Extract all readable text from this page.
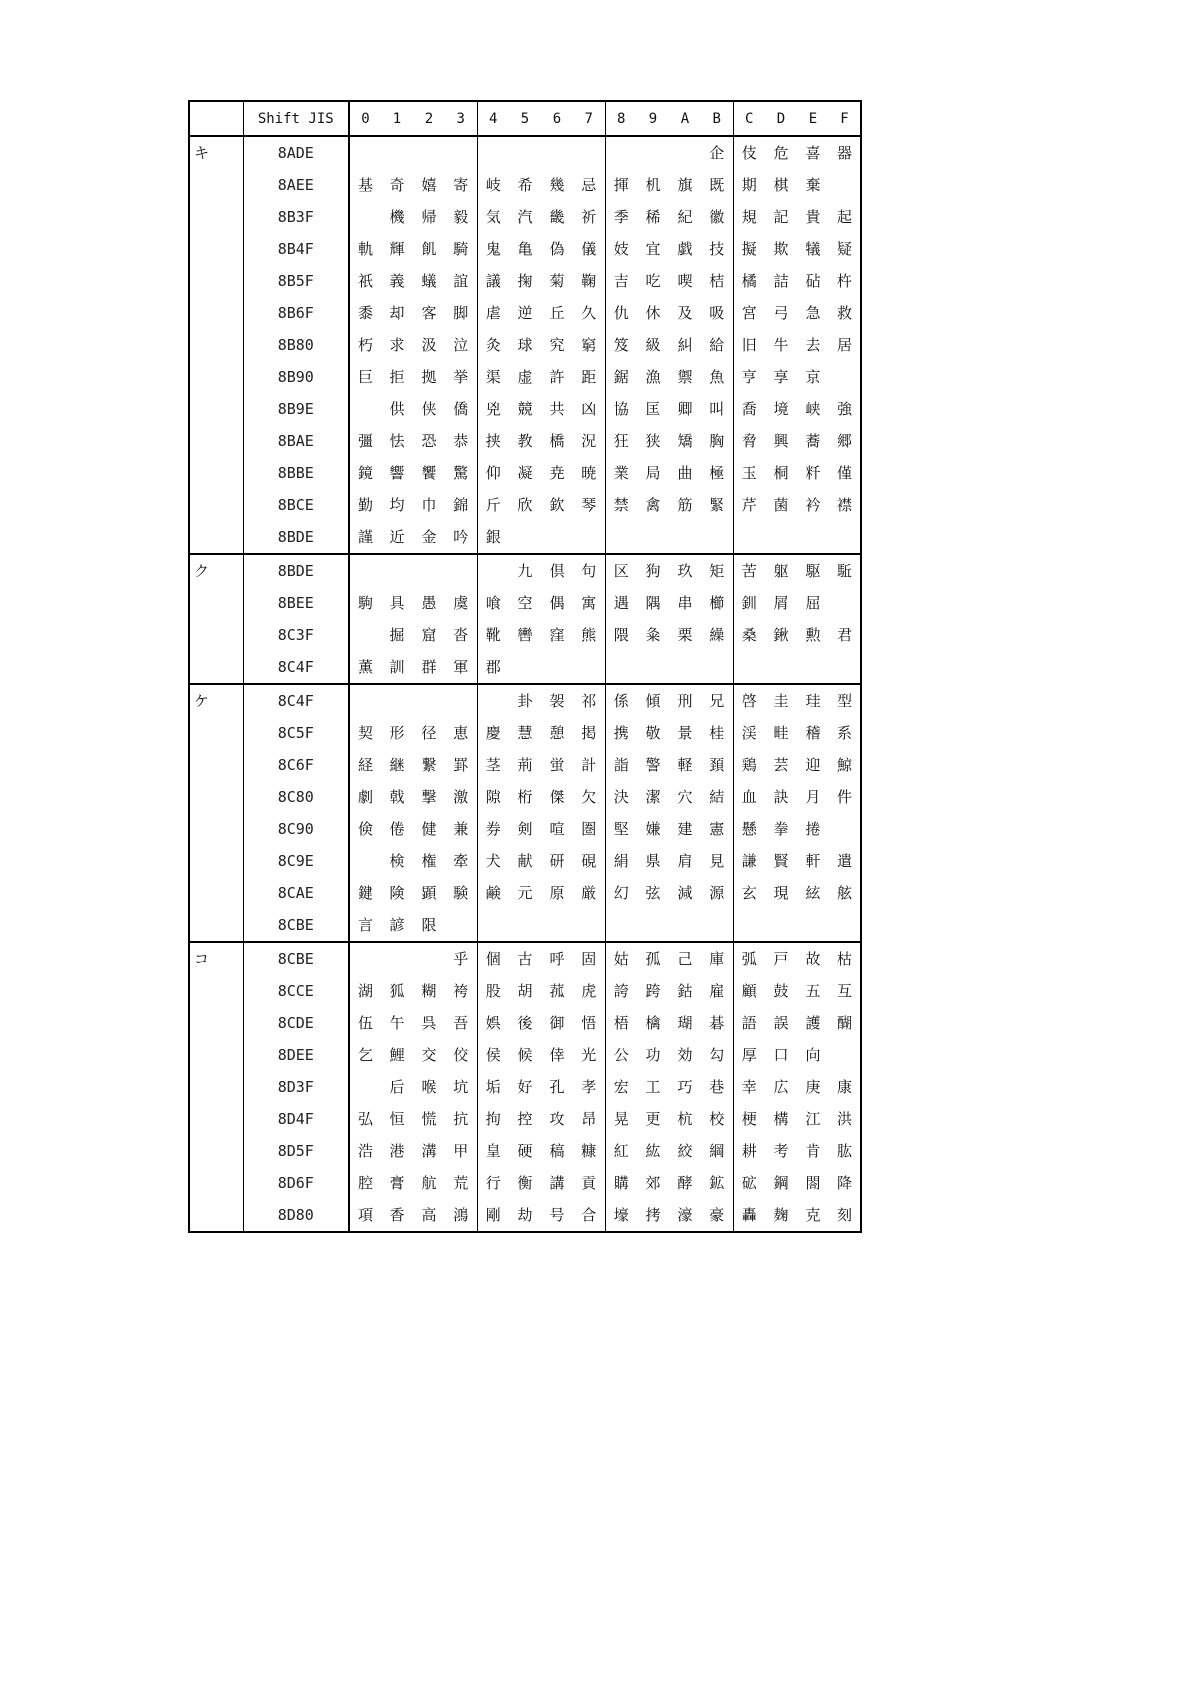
	Shift JIS	0	1	2	3	4	5	6	7	8	9	A	B	C	D	E	F
キ	8ADE												企	伎	危	喜	器
	8AEE	基	奇	嬉	寄	岐	希	幾	忌	揮	机	旗	既	期	棋	棄	
	8B3F		機	帰	毅	気	汽	畿	祈	季	稀	紀	徽	規	記	貴	起
	8B4F	軌	輝	飢	騎	鬼	亀	偽	儀	妓	宜	戯	技	擬	欺	犠	疑
	8B5F	祇	義	蟻	誼	議	掬	菊	鞠	吉	吃	喫	桔	橘	詰	砧	杵
	8B6F	黍	却	客	脚	虐	逆	丘	久	仇	休	及	吸	宮	弓	急	救
	8B80	朽	求	汲	泣	灸	球	究	窮	笈	級	糾	給	旧	牛	去	居
	8B90	巨	拒	拠	挙	渠	虚	許	距	鋸	漁	禦	魚	亨	享	京	
	8B9E		供	侠	僑	兇	競	共	凶	協	匡	卿	叫	喬	境	峡	強
	8BAE	彊	怯	恐	恭	挟	教	橋	況	狂	狭	矯	胸	脅	興	蕎	郷
	8BBE	鏡	響	饗	驚	仰	凝	尭	暁	業	局	曲	極	玉	桐	粁	僅
	8BCE	勤	均	巾	錦	斤	欣	欽	琴	禁	禽	筋	緊	芹	菌	衿	襟
	8BDE	謹	近	金	吟	銀											
ク	8BDE						九	倶	句	区	狗	玖	矩	苦	躯	駆	駈
	8BEE	駒	具	愚	虞	喰	空	偶	寓	遇	隅	串	櫛	釧	屑	屈	
	8C3F		掘	窟	沓	靴	轡	窪	熊	隈	粂	栗	繰	桑	鍬	勲	君
	8C4F	薫	訓	群	軍	郡											
ケ	8C4F						卦	袈	祁	係	傾	刑	兄	啓	圭	珪	型
	8C5F	契	形	径	恵	慶	慧	憩	掲	携	敬	景	桂	渓	畦	稽	系
	8C6F	経	継	繋	罫	茎	荊	蛍	計	詣	警	軽	頚	鶏	芸	迎	鯨
	8C80	劇	戟	撃	激	隙	桁	傑	欠	決	潔	穴	結	血	訣	月	件
	8C90	倹	倦	健	兼	券	剣	喧	圏	堅	嫌	建	憲	懸	拳	捲	
	8C9E		検	権	牽	犬	献	研	硯	絹	県	肩	見	謙	賢	軒	遣
	8CAE	鍵	険	顕	験	鹸	元	原	厳	幻	弦	減	源	玄	現	絃	舷
	8CBE	言	諺	限													
コ	8CBE				乎	個	古	呼	固	姑	孤	己	庫	弧	戸	故	枯
	8CCE	湖	狐	糊	袴	股	胡	菰	虎	誇	跨	鈷	雇	顧	鼓	五	互
	8CDE	伍	午	呉	吾	娯	後	御	悟	梧	檎	瑚	碁	語	誤	護	醐
	8DEE	乞	鯉	交	佼	侯	候	倖	光	公	功	効	勾	厚	口	向	
	8D3F		后	喉	坑	垢	好	孔	孝	宏	工	巧	巷	幸	広	庚	康
	8D4F	弘	恒	慌	抗	拘	控	攻	昂	晃	更	杭	校	梗	構	江	洪
	8D5F	浩	港	溝	甲	皇	硬	稿	糠	紅	紘	絞	綱	耕	考	肯	肱
	8D6F	腔	膏	航	荒	行	衡	講	貢	購	郊	酵	鉱	砿	鋼	閤	降
	8D80	項	香	高	鴻	剛	劫	号	合	壕	拷	濠	豪	轟	麹	克	刻
